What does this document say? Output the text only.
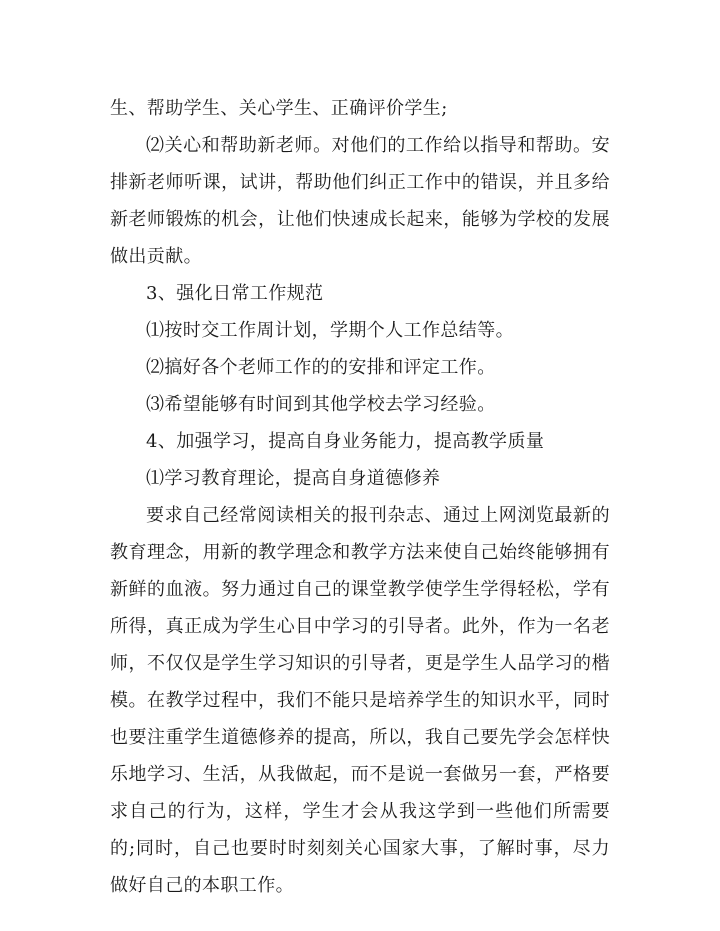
生、帮助学生、关心学生、正确评价学生;

⑵关心和帮助新老师。对他们的工作给以指导和帮助。安排新老师听课，试讲，帮助他们纠正工作中的错误，并且多给新老师锻炼的机会，让他们快速成长起来，能够为学校的发展做出贡献。

3、强化日常工作规范

⑴按时交工作周计划，学期个人工作总结等。

⑵搞好各个老师工作的的安排和评定工作。

⑶希望能够有时间到其他学校去学习经验。

4、加强学习，提高自身业务能力，提高教学质量

⑴学习教育理论，提高自身道德修养

要求自己经常阅读相关的报刊杂志、通过上网浏览最新的教育理念，用新的教学理念和教学方法来使自己始终能够拥有新鲜的血液。努力通过自己的课堂教学使学生学得轻松，学有所得，真正成为学生心目中学习的引导者。此外，作为一名老师，不仅仅是学生学习知识的引导者，更是学生人品学习的楷模。在教学过程中，我们不能只是培养学生的知识水平，同时也要注重学生道德修养的提高，所以，我自己要先学会怎样快乐地学习、生活，从我做起，而不是说一套做另一套，严格要求自己的行为，这样，学生才会从我这学到一些他们所需要的;同时，自己也要时时刻刻关心国家大事，了解时事，尽力做好自己的本职工作。
